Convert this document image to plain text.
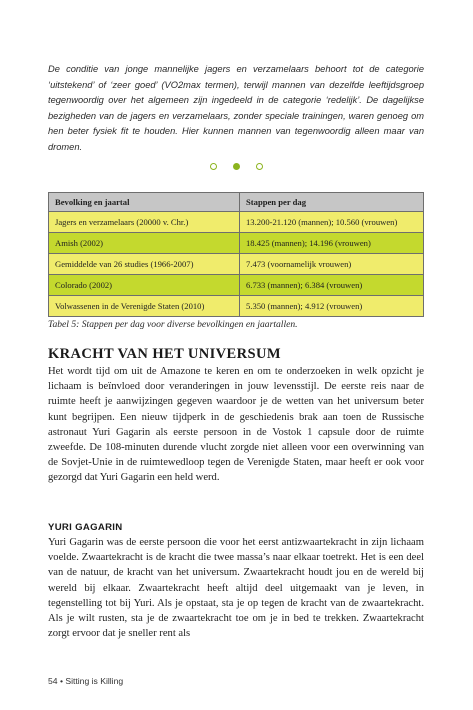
De conditie van jonge mannelijke jagers en verzamelaars behoort tot de categorie ‘uitstekend’ of ‘zeer goed’ (VO2max termen), terwijl mannen van dezelfde leeftijdsgroep tegenwoordig over het algemeen zijn ingedeeld in de categorie ‘redelijk’. De dagelijkse bezigheden van de jagers en verzamelaars, zonder speciale trainingen, waren genoeg om hen beter fysiek fit te houden. Hier kunnen mannen van tegenwoordig alleen maar van dromen.

Bevolking en jaartal	Stappen per dag
Jagers en verzamelaars (20000 v. Chr.)	13.200-21.120 (mannen); 10.560 (vrouwen)
Amish (2002)	18.425 (mannen); 14.196 (vrouwen)
Gemiddelde van 26 studies (1966-2007)	7.473 (voornamelijk vrouwen)
Colorado (2002)	6.733 (mannen); 6.384 (vrouwen)
Volwassenen in de Verenigde Staten (2010)	5.350 (mannen); 4.912 (vrouwen)

Tabel 5: Stappen per dag voor diverse bevolkingen en jaartallen.

KRACHT VAN HET UNIVERSUM

Het wordt tijd om uit de Amazone te keren en om te onderzoeken in welk opzicht je lichaam is beïnvloed door veranderingen in jouw levensstijl. De eerste reis naar de ruimte heeft je aanwijzingen gegeven waardoor je de wetten van het universum beter kunt begrijpen. Een nieuw tijdperk in de geschiedenis brak aan toen de Russische astronaut Yuri Gagarin als eerste persoon in de Vostok 1 capsule door de ruimte zweefde. De 108-minuten durende vlucht zorgde niet alleen voor een overwinning van de Sovjet-Unie in de ruimtewedloop tegen de Verenigde Staten, maar heeft er ook voor gezorgd dat Yuri Gagarin een held werd.

YURI GAGARIN

Yuri Gagarin was de eerste persoon die voor het eerst antizwaartekracht in zijn lichaam voelde. Zwaartekracht is de kracht die twee massa’s naar elkaar toetrekt. Het is een deel van de natuur, de kracht van het universum. Zwaartekracht houdt jou en de wereld bij wereld bij elkaar. Zwaartekracht heeft altijd deel uitgemaakt van je leven, in tegenstelling tot bij Yuri. Als je opstaat, sta je op tegen de kracht van de zwaartekracht. Als je wilt rusten, sta je de zwaartekracht toe om je in bed te trekken. Zwaartekracht zorgt ervoor dat je sneller rent als

54 • Sitting is Killing
